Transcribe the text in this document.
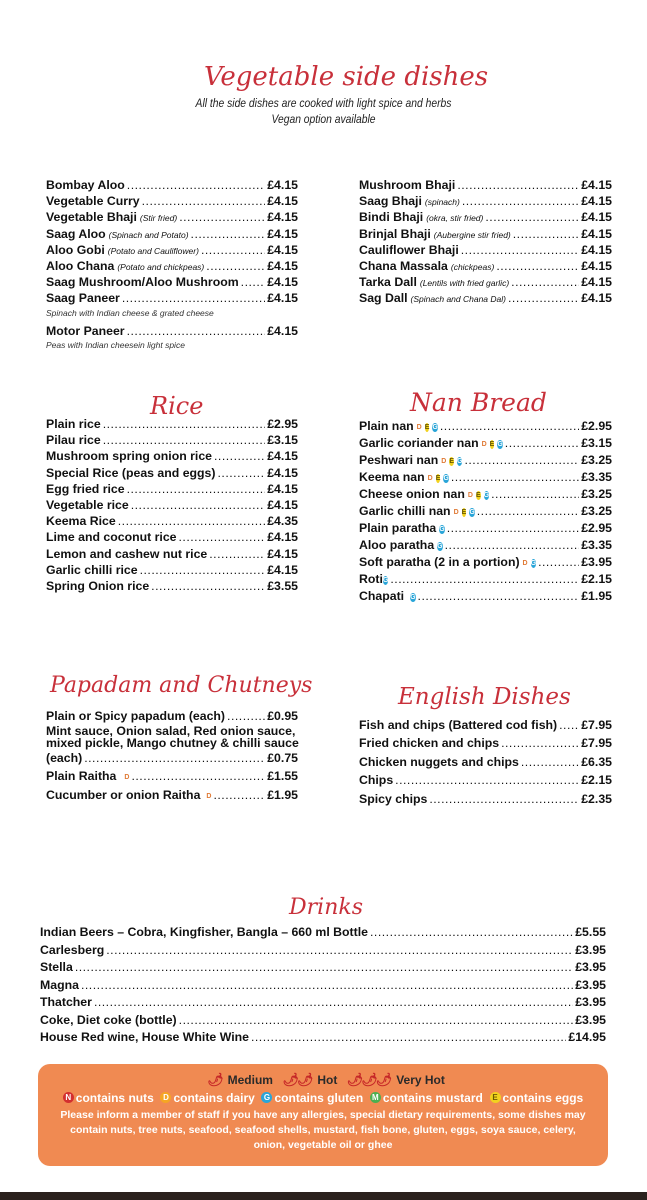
Vegetable side dishes
All the side dishes are cooked with light spice and herbs
Vegan option available
Bombay Aloo .....	£4.15
Vegetable Curry .....	£4.15
Vegetable Bhaji (Stir fried) .....	£4.15
Saag Aloo (Spinach and Potato) .....	£4.15
Aloo Gobi (Potato and Cauliflower) .....	£4.15
Aloo Chana (Potato and chickpeas) .....	£4.15
Saag Mushroom/Aloo Mushroom ..... £4.15
Saag Paneer .....	£4.15
Spinach with Indian cheese & grated cheese
Motor Paneer .....	£4.15
Peas with Indian cheesein light spice
Mushroom Bhaji .....	£4.15
Saag Bhaji (spinach) .....	£4.15
Bindi Bhaji (okra, stir fried) .....	£4.15
Brinjal Bhaji (Aubergine stir fried) .....	£4.15
Cauliflower Bhaji .....	£4.15
Chana Massala (chickpeas) .....	£4.15
Tarka Dall (Lentils with fried garlic) .....	£4.15
Sag Dall (Spinach and Chana Dal) .....	£4.15
Rice
Plain rice .....	£2.95
Pilau rice .....	£3.15
Mushroom spring onion rice .....	£4.15
Special Rice (peas and eggs) .....	£4.15
Egg fried rice .....	£4.15
Vegetable rice .....	£4.15
Keema Rice .....	£4.35
Lime and coconut rice .....	£4.15
Lemon and cashew nut rice .....	£4.15
Garlic chilli rice .....	£4.15
Spring Onion rice .....	£3.55
Nan Bread
Plain nan D E G .....	£2.95
Garlic coriander nan D E G .....	£3.15
Peshwari nan D E G .....	£3.25
Keema nan D E G .....	£3.35
Cheese onion nan D E G .....	£3.25
Garlic chilli nan D E G .....	£3.25
Plain paratha G .....	£2.95
Aloo paratha G .....	£3.35
Soft paratha (2 in a portion) D G .....	£3.95
Roti G .....	£2.15
Chapati G .....	£1.95
Papadam and Chutneys
Plain or Spicy papadum (each) .....	£0.95
Mint sauce, Onion salad, Red onion sauce,
mixed pickle, Mango chutney & chilli sauce
(each) .....	£0.75
Plain Raitha D .....	£1.55
Cucumber or onion Raitha D .....	£1.95
English Dishes
Fish and chips (Battered cod fish) ..... £7.95
Fried chicken and chips .....	£7.95
Chicken nuggets and chips .....	£6.35
Chips .....	£2.15
Spicy chips .....	£2.35
Drinks
Indian Beers – Cobra, Kingfisher, Bangla – 660 ml Bottle .....	£5.55
Carlesberg .....	£3.95
Stella .....	£3.95
Magna .....	£3.95
Thatcher .....	£3.95
Coke, Diet coke (bottle) .....	£3.95
House Red wine, House White Wine .....	£14.95
🌶 Medium 🌶🌶 Hot 🌶🌶🌶 Very Hot
N contains nuts D contains dairy G contains gluten M contains mustard E contains eggs
Please inform a member of staff if you have any allergies, special dietary requirements, some dishes may contain nuts, tree nuts, seafood, seafood shells, mustard, fish bone, gluten, eggs, soya sauce, celery, onion, vegetable oil or ghee
